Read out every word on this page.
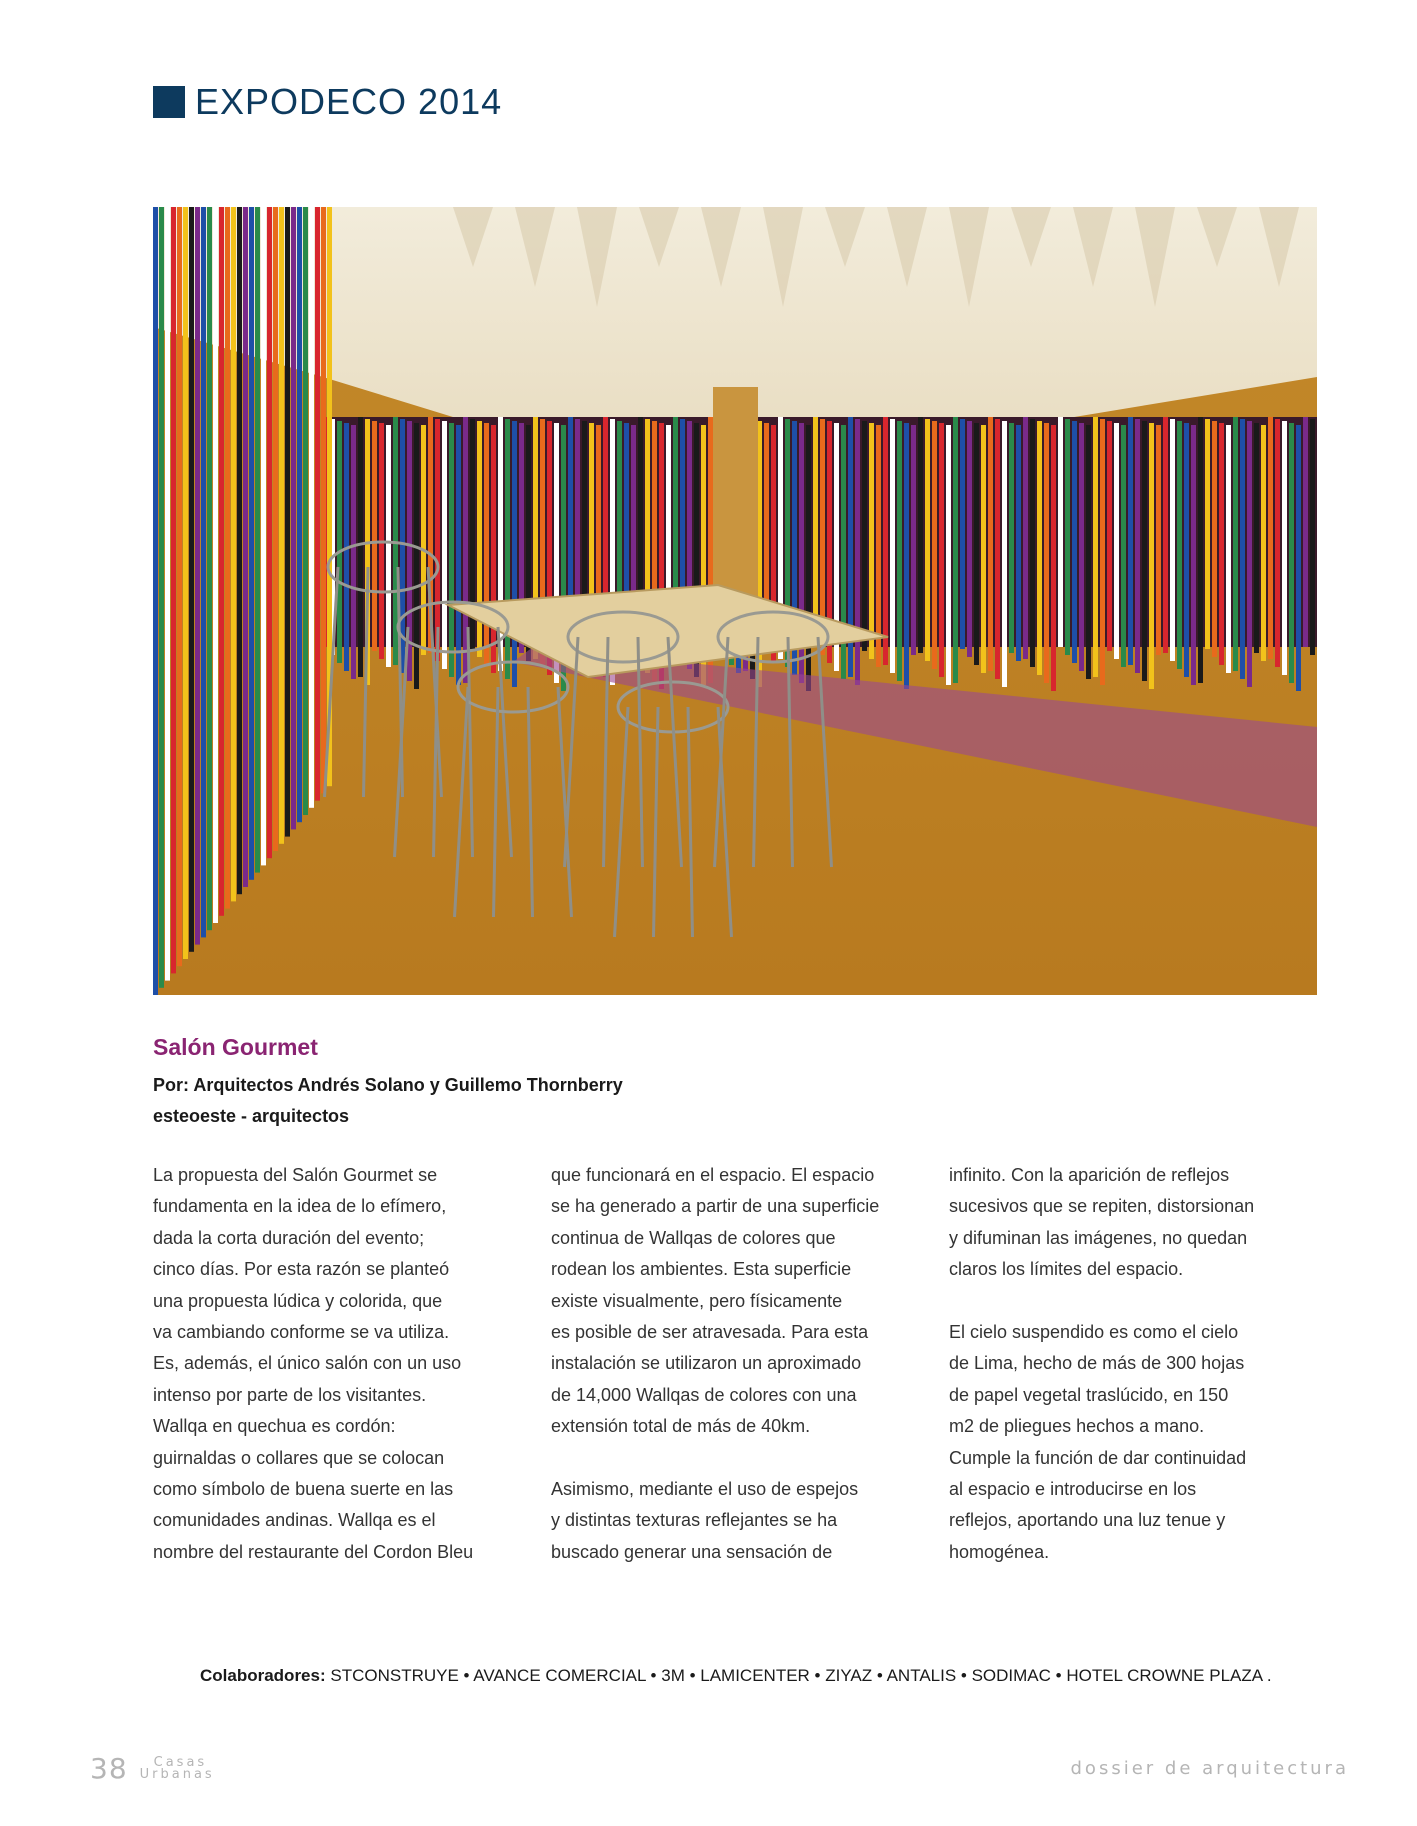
EXPODECO 2014
Salón Gourmet
Por: Arquitectos Andrés Solano y Guillemo Thornberry
esteoeste - arquitectos

La propuesta del Salón Gourmet se

fundamenta en la idea de lo efímero,

dada la corta duración del evento;

cinco días. Por esta razón se planteó

una propuesta lúdica y colorida, que

va cambiando conforme se va utiliza.

Es, además, el único salón con un uso

intenso por parte de los visitantes.

Wallqa en quechua es cordón:

guirnaldas o collares que se colocan

como símbolo de buena suerte en las

comunidades andinas. Wallqa es el

nombre del restaurante del Cordon Bleu

que funcionará en el espacio. El espacio

se ha generado a partir de una superficie

continua de Wallqas de colores que

rodean los ambientes. Esta superficie

existe visualmente, pero físicamente

es posible de ser atravesada. Para esta

instalación se utilizaron un aproximado

de 14,000 Wallqas de colores con una

extensión total de más de 40km.

Asimismo, mediante el uso de espejos

y distintas texturas reflejantes se ha

buscado generar una sensación de

infinito. Con la aparición de reflejos

sucesivos que se repiten, distorsionan

y difuminan las imágenes, no quedan

claros los límites del espacio.

El cielo suspendido es como el cielo

de Lima, hecho de más de 300 hojas

de papel vegetal traslúcido, en 150

m2 de pliegues hechos a mano.

Cumple la función de dar continuidad

al espacio e introducirse en los

reflejos, aportando una luz tenue y

homogénea.

Colaboradores: STCONSTRUYE • AVANCE COMERCIAL • 3M • LAMICENTER • ZIYAZ • ANTALIS • SODIMAC • HOTEL CROWNE PLAZA .
38 Casas
Urbanas	dossier de arquitectura
